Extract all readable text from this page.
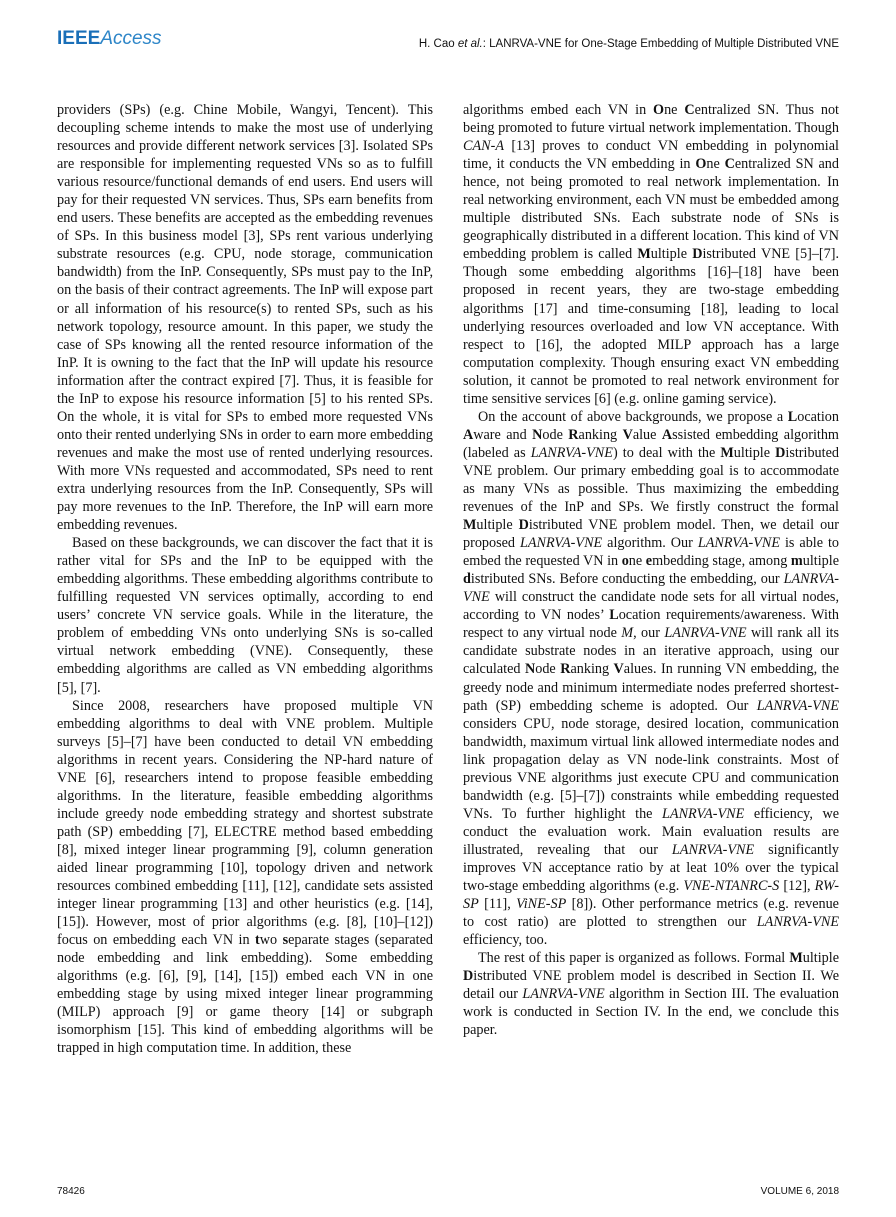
IEEEAccess	H. Cao et al.: LANRVA-VNE for One-Stage Embedding of Multiple Distributed VNE

providers (SPs) (e.g. Chine Mobile, Wangyi, Tencent). This decoupling scheme intends to make the most use of underlying resources and provide different network services [3]. Isolated SPs are responsible for implementing requested VNs so as to fulfill various resource/functional demands of end users. End users will pay for their requested VN services. Thus, SPs earn benefits from end users. These benefits are accepted as the embedding revenues of SPs. In this business model [3], SPs rent various underlying substrate resources (e.g. CPU, node storage, communication bandwidth) from the InP. Consequently, SPs must pay to the InP, on the basis of their contract agreements. The InP will expose part or all information of his resource(s) to rented SPs, such as his network topology, resource amount. In this paper, we study the case of SPs knowing all the rented resource information of the InP. It is owning to the fact that the InP will update his resource information after the contract expired [7]. Thus, it is feasible for the InP to expose his resource information [5] to his rented SPs. On the whole, it is vital for SPs to embed more requested VNs onto their rented underlying SNs in order to earn more embedding revenues and make the most use of rented underlying resources. With more VNs requested and accommodated, SPs need to rent extra underlying resources from the InP. Consequently, SPs will pay more revenues to the InP. Therefore, the InP will earn more embedding revenues.

Based on these backgrounds, we can discover the fact that it is rather vital for SPs and the InP to be equipped with the embedding algorithms. These embedding algorithms contribute to fulfilling requested VN services optimally, according to end users’ concrete VN service goals. While in the literature, the problem of embedding VNs onto underlying SNs is so-called virtual network embedding (VNE). Consequently, these embedding algorithms are called as VN embedding algorithms [5], [7].

Since 2008, researchers have proposed multiple VN embedding algorithms to deal with VNE problem. Multiple surveys [5]–[7] have been conducted to detail VN embedding algorithms in recent years. Considering the NP-hard nature of VNE [6], researchers intend to propose feasible embedding algorithms. In the literature, feasible embedding algorithms include greedy node embedding strategy and shortest substrate path (SP) embedding [7], ELECTRE method based embedding [8], mixed integer linear programming [9], column generation aided linear programming [10], topology driven and network resources combined embedding [11], [12], candidate sets assisted integer linear programming [13] and other heuristics (e.g. [14], [15]). However, most of prior algorithms (e.g. [8], [10]–[12]) focus on embedding each VN in two separate stages (separated node embedding and link embedding). Some embedding algorithms (e.g. [6], [9], [14], [15]) embed each VN in one embedding stage by using mixed integer linear programming (MILP) approach [9] or game theory [14] or subgraph isomorphism [15]. This kind of embedding algorithms will be trapped in high computation time. In addition, these

algorithms embed each VN in One Centralized SN. Thus not being promoted to future virtual network implementation. Though CAN-A [13] proves to conduct VN embedding in polynomial time, it conducts the VN embedding in One Centralized SN and hence, not being promoted to real network implementation. In real networking environment, each VN must be embedded among multiple distributed SNs. Each substrate node of SNs is geographically distributed in a different location. This kind of VN embedding problem is called Multiple Distributed VNE [5]–[7]. Though some embedding algorithms [16]–[18] have been proposed in recent years, they are two-stage embedding algorithms [17] and time-consuming [18], leading to local underlying resources overloaded and low VN acceptance. With respect to [16], the adopted MILP approach has a large computation complexity. Though ensuring exact VN embedding solution, it cannot be promoted to real network environment for time sensitive services [6] (e.g. online gaming service).

On the account of above backgrounds, we propose a Location Aware and Node Ranking Value Assisted embedding algorithm (labeled as LANRVA-VNE) to deal with the Multiple Distributed VNE problem. Our primary embedding goal is to accommodate as many VNs as possible. Thus maximizing the embedding revenues of the InP and SPs. We firstly construct the formal Multiple Distributed VNE problem model. Then, we detail our proposed LANRVA-VNE algorithm. Our LANRVA-VNE is able to embed the requested VN in one embedding stage, among multiple distributed SNs. Before conducting the embedding, our LANRVA-VNE will construct the candidate node sets for all virtual nodes, according to VN nodes’ Location requirements/awareness. With respect to any virtual node M, our LANRVA-VNE will rank all its candidate substrate nodes in an iterative approach, using our calculated Node Ranking Values. In running VN embedding, the greedy node and minimum intermediate nodes preferred shortest-path (SP) embedding scheme is adopted. Our LANRVA-VNE considers CPU, node storage, desired location, communication bandwidth, maximum virtual link allowed intermediate nodes and link propagation delay as VN node-link constraints. Most of previous VNE algorithms just execute CPU and communication bandwidth (e.g. [5]–[7]) constraints while embedding requested VNs. To further highlight the LANRVA-VNE efficiency, we conduct the evaluation work. Main evaluation results are illustrated, revealing that our LANRVA-VNE significantly improves VN acceptance ratio by at leat 10% over the typical two-stage embedding algorithms (e.g. VNE-NTANRC-S [12], RW-SP [11], ViNE-SP [8]). Other performance metrics (e.g. revenue to cost ratio) are plotted to strengthen our LANRVA-VNE efficiency, too.

The rest of this paper is organized as follows. Formal Multiple Distributed VNE problem model is described in Section II. We detail our LANRVA-VNE algorithm in Section III. The evaluation work is conducted in Section IV. In the end, we conclude this paper.

78426	VOLUME 6, 2018
